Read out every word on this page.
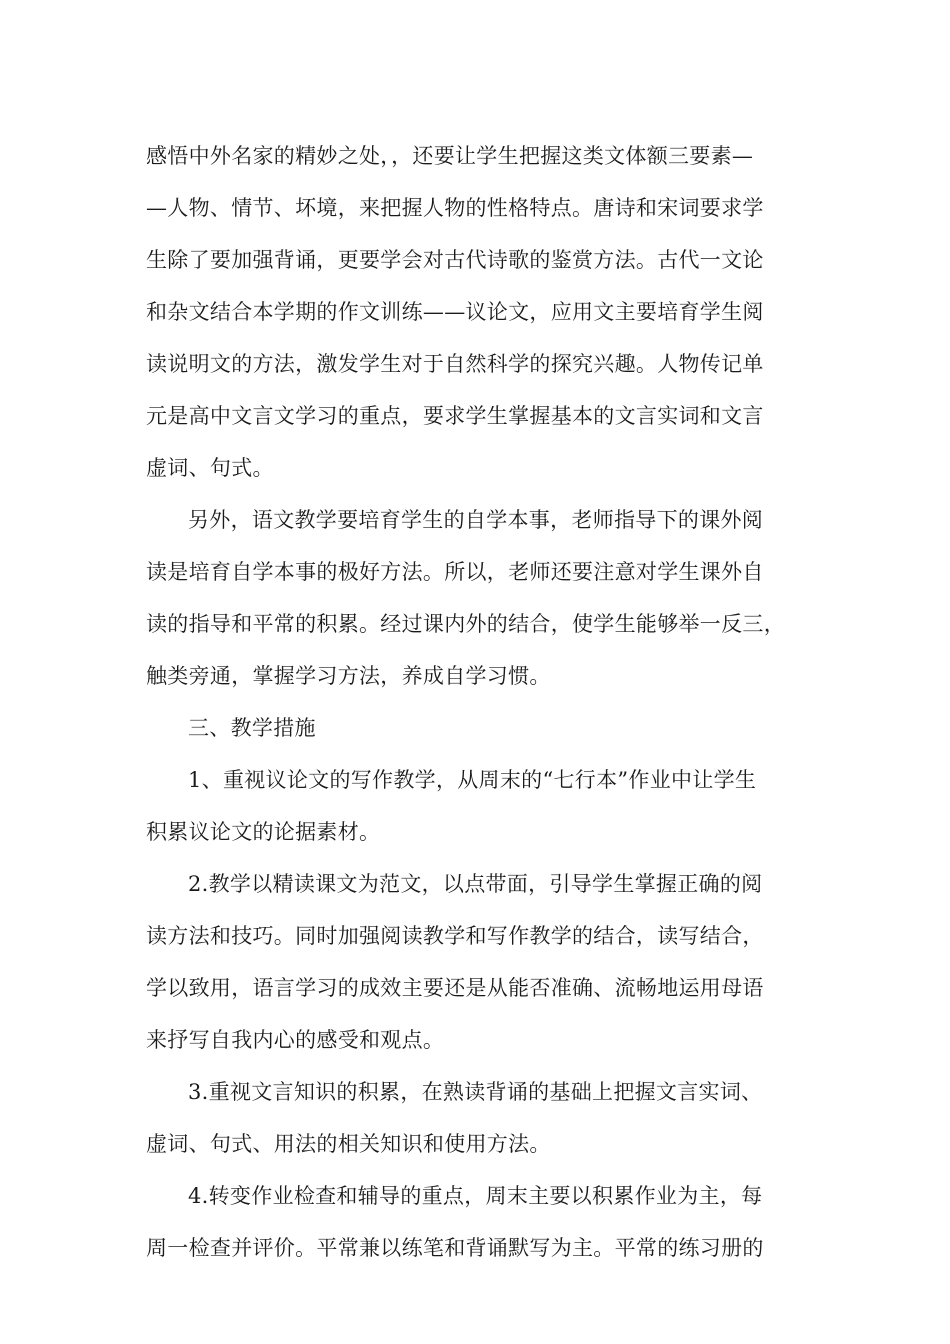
感悟中外名家的精妙之处，，还要让学生把握这类文体额三要素—
—人物、情节、坏境，来把握人物的性格特点。唐诗和宋词要求学
生除了要加强背诵，更要学会对古代诗歌的鉴赏方法。古代一文论
和杂文结合本学期的作文训练——议论文，应用文主要培育学生阅
读说明文的方法，激发学生对于自然科学的探究兴趣。人物传记单
元是高中文言文学习的重点，要求学生掌握基本的文言实词和文言
虚词、句式。
另外，语文教学要培育学生的自学本事，老师指导下的课外阅
读是培育自学本事的极好方法。所以，老师还要注意对学生课外自
读的指导和平常的积累。经过课内外的结合，使学生能够举一反三，
触类旁通，掌握学习方法，养成自学习惯。
三、教学措施
1、重视议论文的写作教学，从周末的“七行本”作业中让学生
积累议论文的论据素材。
2.教学以精读课文为范文，以点带面，引导学生掌握正确的阅
读方法和技巧。同时加强阅读教学和写作教学的结合，读写结合，
学以致用，语言学习的成效主要还是从能否准确、流畅地运用母语
来抒写自我内心的感受和观点。
3.重视文言知识的积累，在熟读背诵的基础上把握文言实词、
虚词、句式、用法的相关知识和使用方法。
4.转变作业检查和辅导的重点，周末主要以积累作业为主，每
周一检查并评价。平常兼以练笔和背诵默写为主。平常的练习册的
